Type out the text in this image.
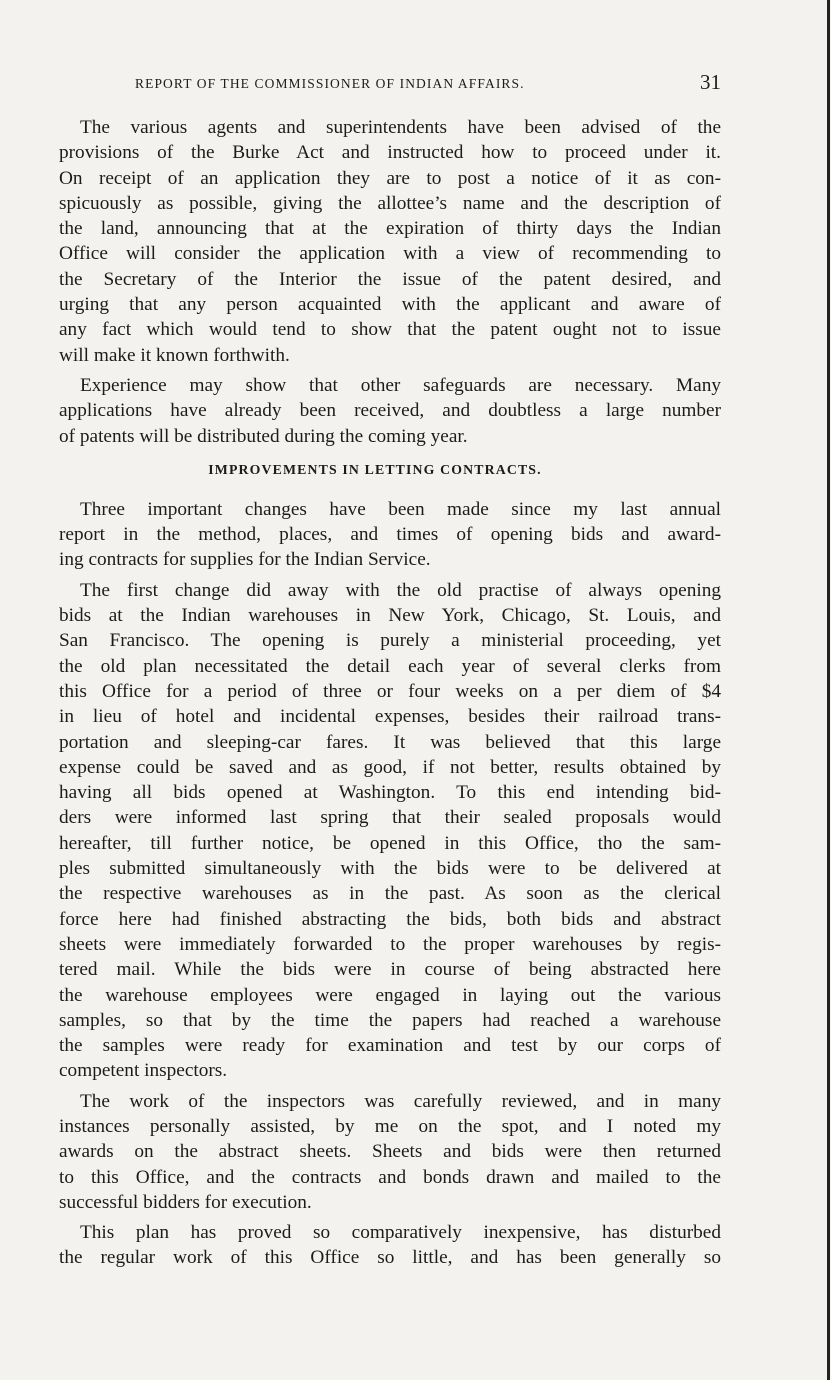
REPORT OF THE COMMISSIONER OF INDIAN AFFAIRS.	31
The various agents and superintendents have been advised of the
provisions of the Burke Act and instructed how to proceed under it.
On receipt of an application they are to post a notice of it as con-
spicuously as possible, giving the allottee’s name and the description of
the land, announcing that at the expiration of thirty days the Indian
Office will consider the application with a view of recommending to
the Secretary of the Interior the issue of the patent desired, and
urging that any person acquainted with the applicant and aware of
any fact which would tend to show that the patent ought not to issue
will make it known forthwith.
Experience may show that other safeguards are necessary. Many
applications have already been received, and doubtless a large number
of patents will be distributed during the coming year.
IMPROVEMENTS IN LETTING CONTRACTS.
Three important changes have been made since my last annual
report in the method, places, and times of opening bids and award-
ing contracts for supplies for the Indian Service.
The first change did away with the old practise of always opening
bids at the Indian warehouses in New York, Chicago, St. Louis, and
San Francisco. The opening is purely a ministerial proceeding, yet
the old plan necessitated the detail each year of several clerks from
this Office for a period of three or four weeks on a per diem of $4
in lieu of hotel and incidental expenses, besides their railroad trans-
portation and sleeping-car fares. It was believed that this large
expense could be saved and as good, if not better, results obtained by
having all bids opened at Washington. To this end intending bid-
ders were informed last spring that their sealed proposals would
hereafter, till further notice, be opened in this Office, tho the sam-
ples submitted simultaneously with the bids were to be delivered at
the respective warehouses as in the past. As soon as the clerical
force here had finished abstracting the bids, both bids and abstract
sheets were immediately forwarded to the proper warehouses by regis-
tered mail. While the bids were in course of being abstracted here
the warehouse employees were engaged in laying out the various
samples, so that by the time the papers had reached a warehouse
the samples were ready for examination and test by our corps of
competent inspectors.
The work of the inspectors was carefully reviewed, and in many
instances personally assisted, by me on the spot, and I noted my
awards on the abstract sheets. Sheets and bids were then returned
to this Office, and the contracts and bonds drawn and mailed to the
successful bidders for execution.
This plan has proved so comparatively inexpensive, has disturbed
the regular work of this Office so little, and has been generally so
